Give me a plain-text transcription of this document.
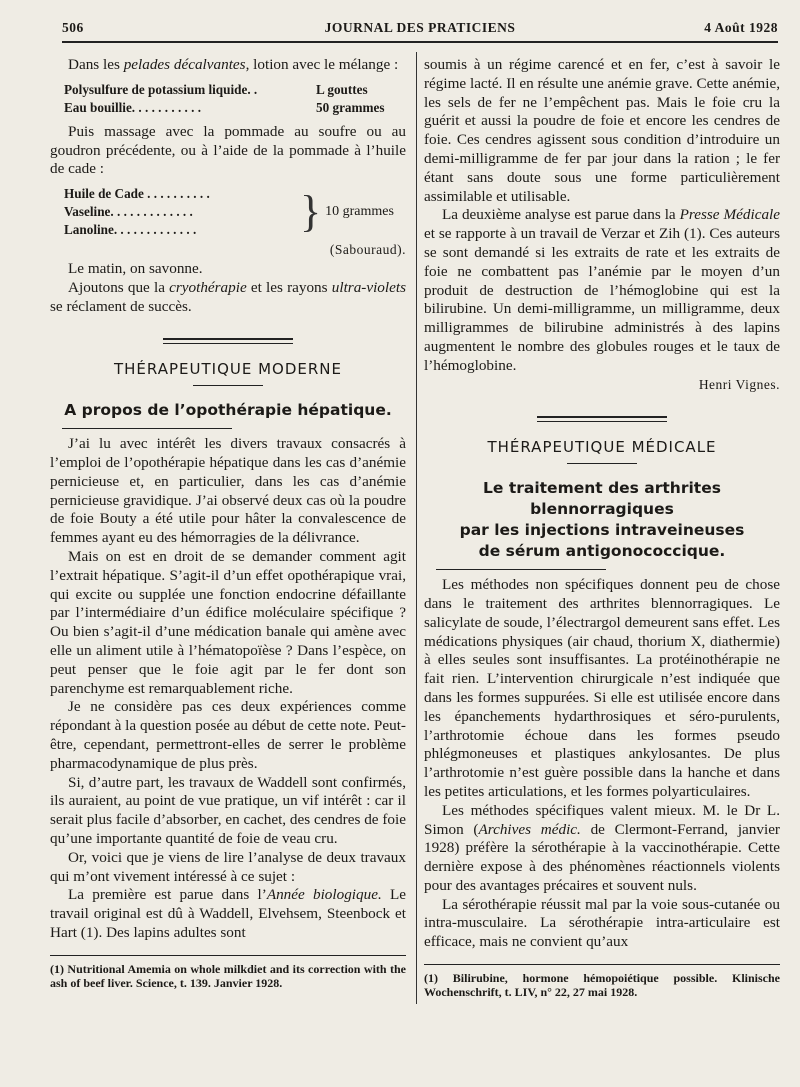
506	JOURNAL DES PRATICIENS	4 Août 1928

Dans les pelades décalvantes, lotion avec le mélange :

Polysulfure de potassium liquide. .	L gouttes
Eau bouillie. . . . . . . . . . .	50 grammes

Puis massage avec la pommade au soufre ou au goudron précédente, ou à l’aide de la pommade à l’huile de cade :

Huile de Cade . . . . . . . . . .
Vaseline. . . . . . . . . . . . .
Lanoline. . . . . . . . . . . . .	} 10 grammes
(Sabouraud).

Le matin, on savonne.

Ajoutons que la cryothérapie et les rayons ultra-violets se réclament de succès.

THÉRAPEUTIQUE MODERNE
A propos de l’opothérapie hépatique.

J’ai lu avec intérêt les divers travaux consacrés à l’emploi de l’opothérapie hépatique dans les cas d’anémie pernicieuse et, en particulier, dans les cas d’anémie pernicieuse gravidique. J’ai observé deux cas où la poudre de foie Bouty a été utile pour hâter la convalescence de femmes ayant eu des hémorragies de la délivrance.

Mais on est en droit de se demander comment agit l’extrait hépatique. S’agit-il d’un effet opothérapique vrai, qui excite ou supplée une fonction endocrine défaillante par l’intermédiaire d’un édifice moléculaire spécifique ? Ou bien s’agit-il d’une médication banale qui amène avec elle un aliment utile à l’hématopoïèse ? Dans l’espèce, on peut penser que le foie agit par le fer dont son parenchyme est remarquablement riche.

Je ne considère pas ces deux expériences comme répondant à la question posée au début de cette note. Peut-être, cependant, permettront-elles de serrer le problème pharmacodynamique de plus près.

Si, d’autre part, les travaux de Waddell sont confirmés, ils auraient, au point de vue pratique, un vif intérêt : car il serait plus facile d’absorber, en cachet, des cendres de foie qu’une importante quantité de foie de veau cru.

Or, voici que je viens de lire l’analyse de deux travaux qui m’ont vivement intéressé à ce sujet :

La première est parue dans l’Année biologique. Le travail original est dû à Waddell, Elvehsem, Steenbock et Hart (1). Des lapins adultes sont

(1) Nutritional Amemia on whole milkdiet and its correction with the ash of beef liver. Science, t. 139. Janvier 1928.

soumis à un régime carencé et en fer, c’est à savoir le régime lacté. Il en résulte une anémie grave. Cette anémie, les sels de fer ne l’empêchent pas. Mais le foie cru la guérit et aussi la poudre de foie et encore les cendres de foie. Ces cendres agissent sous condition d’introduire un demi-milligramme de fer par jour dans la ration ; le fer étant sans doute sous une forme particulièrement assimilable et utilisable.

La deuxième analyse est parue dans la Presse Médicale et se rapporte à un travail de Verzar et Zih (1). Ces auteurs se sont demandé si les extraits de rate et les extraits de foie ne combattent pas l’anémie par le moyen d’un produit de destruction de l’hémoglobine qui est la bilirubine. Un demi-milligramme, un milligramme, deux milligrammes de bilirubine administrés à des lapins augmentent le nombre des globules rouges et le taux de l’hémoglobine.

Henri Vignes.
THÉRAPEUTIQUE MÉDICALE
Le traitement des arthrites blennorragiques
par les injections intraveineuses
de sérum antigonococcique.

Les méthodes non spécifiques donnent peu de chose dans le traitement des arthrites blennorragiques. Le salicylate de soude, l’électrargol demeurent sans effet. Les médications physiques (air chaud, thorium X, diathermie) à elles seules sont insuffisantes. La protéinothérapie ne fait rien. L’intervention chirurgicale n’est indiquée que dans les formes suppurées. Si elle est utilisée encore dans les épanchements hydarthrosiques et séro-purulents, l’arthrotomie échoue dans les formes pseudo phlégmoneuses et plastiques ankylosantes. De plus l’arthrotomie n’est guère possible dans la hanche et dans les petites articulations, et les formes polyarticulaires.

Les méthodes spécifiques valent mieux. M. le Dr L. Simon (Archives médic. de Clermont-Ferrand, janvier 1928) préfère la sérothérapie à la vaccinothérapie. Cette dernière expose à des phénomènes réactionnels violents pour des avantages précaires et souvent nuls.

La sérothérapie réussit mal par la voie sous-cutanée ou intra-musculaire. La sérothérapie intra-articulaire est efficace, mais ne convient qu’aux

(1) Bilirubine, hormone hémopoiétique possible. Klinische Wochenschrift, t. LIV, n° 22, 27 mai 1928.
